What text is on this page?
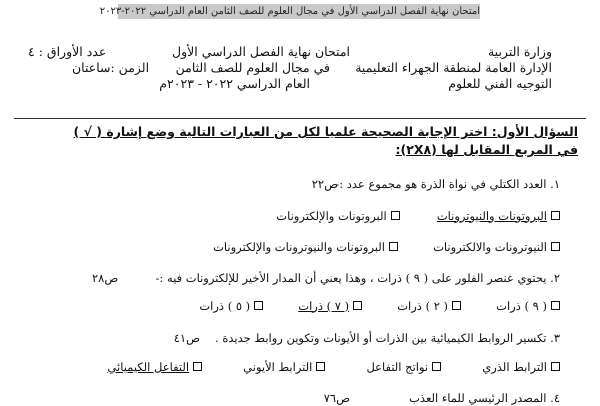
امتحان نهاية الفصل الدراسي الأول في مجال العلوم للصف الثامن العام الدراسي ٢٠٢٢-٢٠٢٣
وزارة التربية
الإدارة العامة لمنطقة الجهراء التعليمية
التوجيه الفني للعلوم
امتحان نهاية الفصل الدراسي الأول
في مجال العلوم للصف الثامن
العام الدراسي ٢٠٢٢ - ٢٠٢٣م
عدد الأوراق : ٤
الزمن :ساعتان
السؤال الأول: اختر الإجابة الصحيحة علميا لكل من العبارات التالية وضع إشارة ( √ )
في المربع المقابل لها (٢X٨):
١. العدد الكتلي في نواة الذرة هو مجموع عدد :-
ص٢٢
البروتونات والنيوترونات

البروتونات والإلكترونات
النيوترونات والالكترونات

البروتونات والنيوترونات والإلكترونات
٢. يحتوي عنصر الفلور على ( ٩ ) ذرات ، وهذا يعني أن المدار الأخير للإلكترونات فيه :-
ص٢٨
( ٩ ) ذرات

( ٢ ) ذرات

( ٧ ) ذرات

( ٥ ) ذرات
٣. تكسير الروابط الكيميائية بين الذرات أو الأيونات وتكوين روابط جديدة .
ص٤١
الترابط الذري

نواتج التفاعل

الترابط الأيوني

التفاعل الكيميائي
٤. المصدر الرئيسي للماء العذب
ص٧٦
